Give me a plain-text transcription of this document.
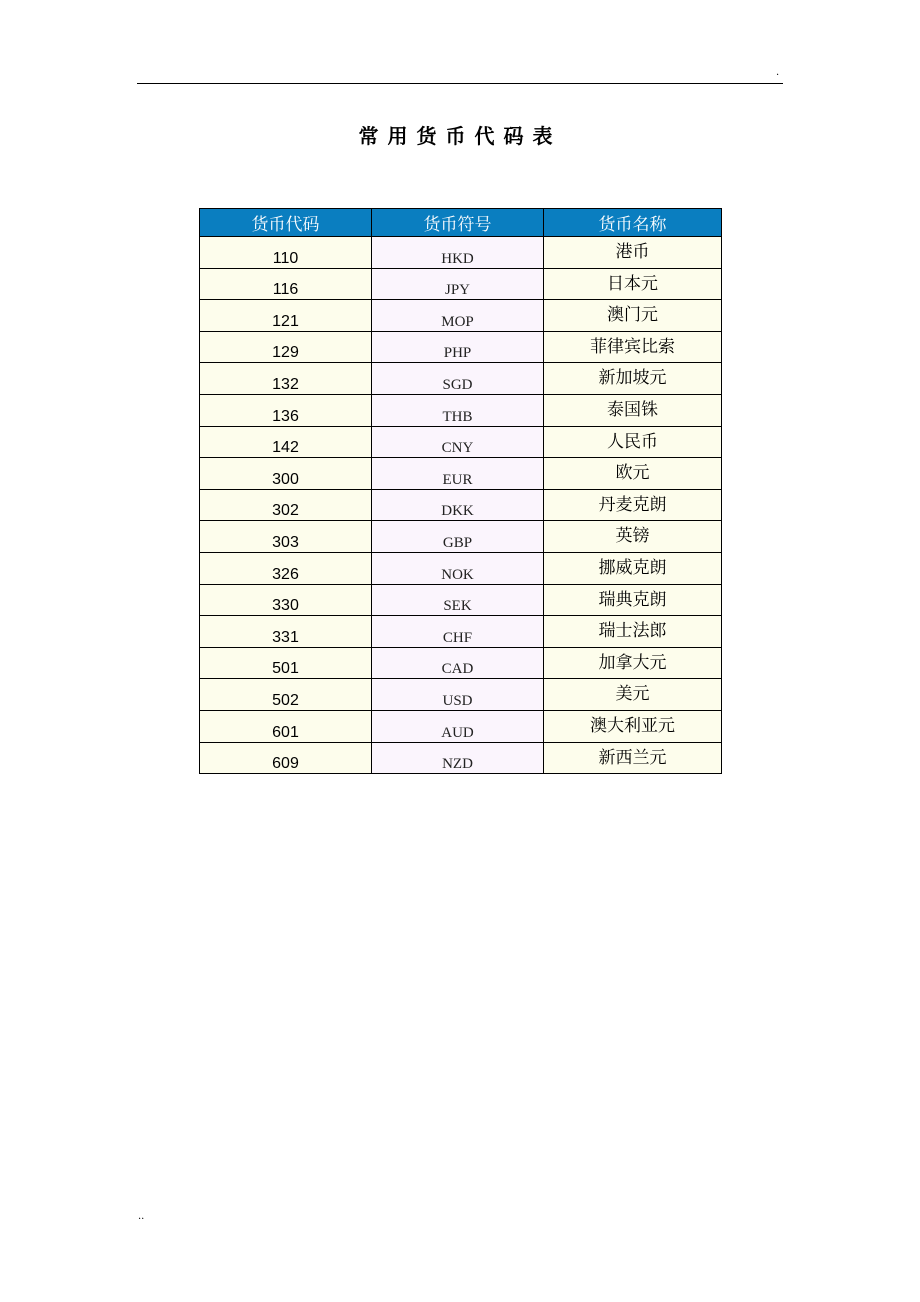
.
常用货币代码表
货币代码	货币符号	货币名称
110	HKD	港币
116	JPY	日本元
121	MOP	澳门元
129	PHP	菲律宾比索
132	SGD	新加坡元
136	THB	泰国铢
142	CNY	人民币
300	EUR	欧元
302	DKK	丹麦克朗
303	GBP	英镑
326	NOK	挪威克朗
330	SEK	瑞典克朗
331	CHF	瑞士法郎
501	CAD	加拿大元
502	USD	美元
601	AUD	澳大利亚元
609	NZD	新西兰元
..
